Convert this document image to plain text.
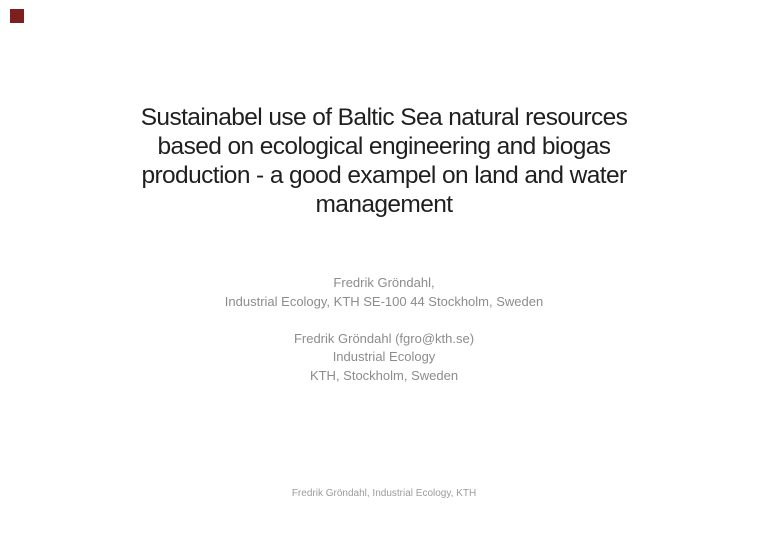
Sustainabel use of Baltic Sea natural resources
based on ecological engineering and biogas
production - a good exampel on land and water
management

Fredrik Gröndahl,
Industrial Ecology, KTH SE-100 44 Stockholm, Sweden

Fredrik Gröndahl (fgro@kth.se)
Industrial Ecology
KTH, Stockholm, Sweden

Fredrik Gröndahl, Industrial Ecology, KTH
